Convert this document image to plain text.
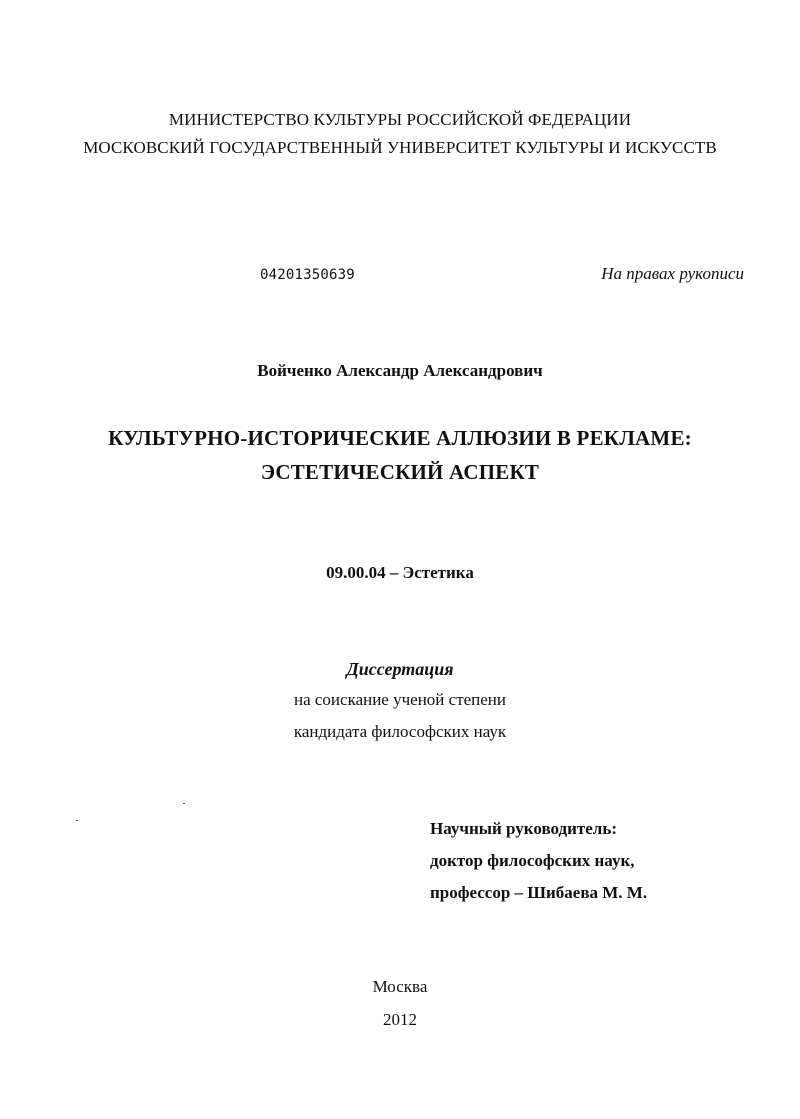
МИНИСТЕРСТВО КУЛЬТУРЫ РОССИЙСКОЙ ФЕДЕРАЦИИ
МОСКОВСКИЙ ГОСУДАРСТВЕННЫЙ УНИВЕРСИТЕТ КУЛЬТУРЫ И ИСКУССТВ
04201350639	На правах рукописи
Войченко Александр Александрович
КУЛЬТУРНО-ИСТОРИЧЕСКИЕ АЛЛЮЗИИ В РЕКЛАМЕ:
ЭСТЕТИЧЕСКИЙ АСПЕКТ
09.00.04 – Эстетика
Диссертация
на соискание ученой степени
кандидата философских наук
Научный руководитель:
доктор философских наук,
профессор – Шибаева М. М.
Москва
2012
